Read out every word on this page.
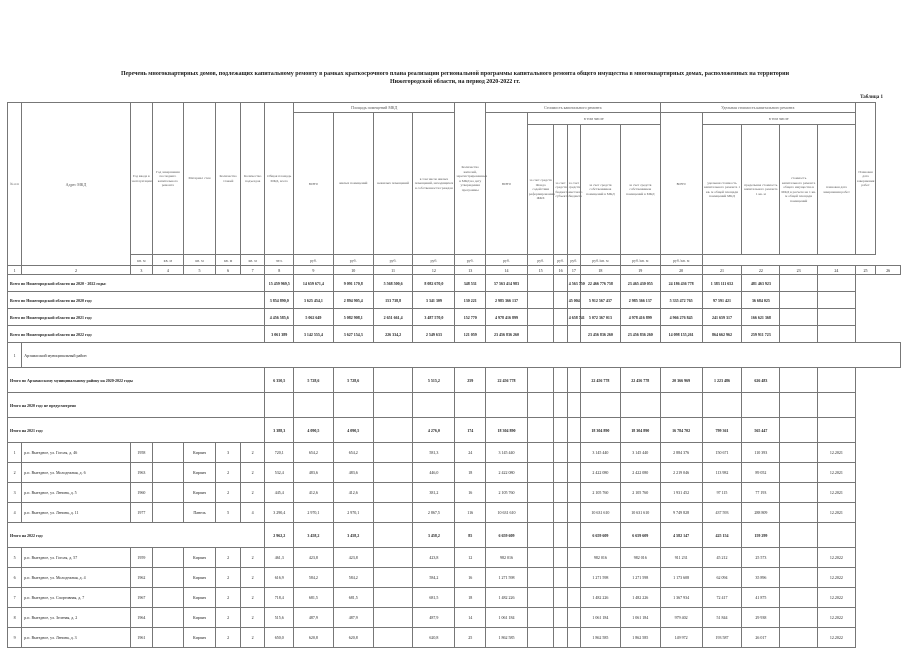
Перечень многоквартирных домов, подлежащих капитальному ремонту в рамках краткосрочного плана реализации региональной программы капитального ремонта общего имущества в многоквартирных домах, расположенных на территории
Нижегородской области, на период 2020-2022 гг.
Таблица 1
№ п/п	Адрес МКД	Год ввода в эксплуатацию	Год завершения последнего капитального ремонта	Материал стен	Количество этажей	Количество подъездов	Общая площадь МКД, всего	Площадь помещений МКД				Количество жителей, зарегистрированных в МКД на дату утверждения программы	Стоимость капитального ремонта						Удельная стоимость капитального ремонта					Плановая дата завершения работ	
								всего	жилых помещений	нежилых помещений	в том числе жилых помещений, находящихся в собственности граждан		всего	в том числе					всего	в том числе					
														за счет средств Фонда содействия реформированию ЖКХ	за счет средств бюджета субъекта	за счет средств местного бюджета	за счет средств собственников помещений в МКД	за счет средств собственников помещений в МКД		удельная стоимость капитального ремонта 1 кв. м общей площади помещений МКД	предельная стоимость капитального ремонта 1 кв. м	стоимость капитального ремонта общего имущества в МКД в расчете на 1 кв. м общей площади помещений	плановая дата завершения работ		
		кв. м	кв. м	кв. м	кв. м	кв. м	чел.	руб.	руб.	руб.	руб.	руб.	руб.	руб.	руб.	руб.	руб./кв. м	руб./кв. м	руб./кв. м						
1	2	3	4	5	6	7	8	9	10	11	12	13	14	15	16	17	18	19	20	21	22	23	24	25	26
Всего по Нижегородской области на 2020 - 2022 годы:							15 459 969,5	14 659 671,4	9 091 170,8	5 568 500,6	8 082 670,0	348 531	57 563 414 983			4 563 750	22 466 776 758	23 465 430 055	24 186 436 778	1 383 111 652	481 463 923				
Всего по Нижегородской области на 2020 год:							3 854 890,0	3 625 454,1	2 894 905,4	153 738,8	3 341 309	130 221	2 985 366 137			45 004	5 912 567 437	2 985 366 137	5 335 472 765	97 591 421	36 684 025				
Всего по Нижегородской области на 2021 год:							4 456 585,6	5 062 649	5 082 908,1	2 651 661,4	3 487 570,0	152 770	4 978 416 899			4 658 741	5 072 367 013	4 978 416 899	4 966 276 845	241 659 317	166 621 368				
Всего по Нижегородской области на 2022 год:							3 061 389	3 142 555,4	3 627 154,3	226 334,2	2 549 633	121 059	23 456 836 260				23 456 836 260	23 456 836 260	14 098 155,261	864 662 962	259 911 723				
1	Арзамасский муниципальный район																								
Итого по Арзамасскому муниципальному району на 2020-2022 годы							6 350,5	5 728,6	5 728,6		5 515,2	259	22 456 778				22 456 778	22 456 778	20 366 969	1 223 486	626 483				
Итого на 2020 год: не предусмотрено																									
Итого на 2021 год:							3 388,3	4 090,5	4 090,5		4 276,0	174	18 304 890				18 304 890	18 304 890	16 784 702	799 361	565 447				
1	р.п. Выездное, ул. Гоголя, д. 46	1958		Кирпич	3	2	720,1	654,2	654,2		581,3	24	3 145 440				3 145 440	3 145 440	2 884 376	150 671	110 393		12.2021		
2	р.п. Выездное, ул. Молодежная, д. 6	1963		Кирпич	2	2	532,4	483,6	483,6		446,0	18	2 422 080				2 422 080	2 422 080	2 219 046	113 982	89 052		12.2021		
3	р.п. Выездное, ул. Ленина, д. 5	1960		Кирпич	2	2	445,4	412,6	412,6		381,2	16	2 105 760				2 105 760	2 105 760	1 931 452	97 115	77 193		12.2021		
4	р.п. Выездное, ул. Ленина, д. 11	1977		Панель	5	4	3 290,4	2 970,1	2 970,1		2 867,5	116	10 631 610				10 631 610	10 631 610	9 749 828	437 593	288 809		12.2021		
Итого на 2022 год:							2 962,2	3 458,2	3 458,2		3 458,2	85	6 659 609				6 659 609	6 659 609	4 582 147	425 154	159 299				
5	р.п. Выездное, ул. Гоголя, д. 57	1959		Кирпич	2	2	461,3	423,8	423,8		423,8	12	982 016				982 016	982 016	911 231	45 212	25 573		12.2022		
6	р.п. Выездное, ул. Молодежная, д. 4	1962		Кирпич	2	2	616,9	584,2	584,2		584,2	16	1 271 598				1 271 598	1 271 598	1 173 608	62 094	35 896		12.2022		
7	р.п. Выездное, ул. Спортивная, д. 7	1967		Кирпич	2	2	718,4	681,5	681,5		681,5	18	1 482 226				1 482 226	1 482 226	1 367 934	72 417	41 875		12.2022		
8	р.п. Выездное, ул. Зеленая, д. 2	1964		Кирпич	2	2	515,6	487,9	487,9		487,9	14	1 061 184				1 061 184	1 061 184	979 402	51 844	29 938		12.2022		
9	р.п. Выездное, ул. Ленина, д. 3	1961		Кирпич	2	2	650,0	620,8	620,8		620,8	25	1 862 585				1 862 585	1 862 585	149 972	193 587	26 017		12.2022		
